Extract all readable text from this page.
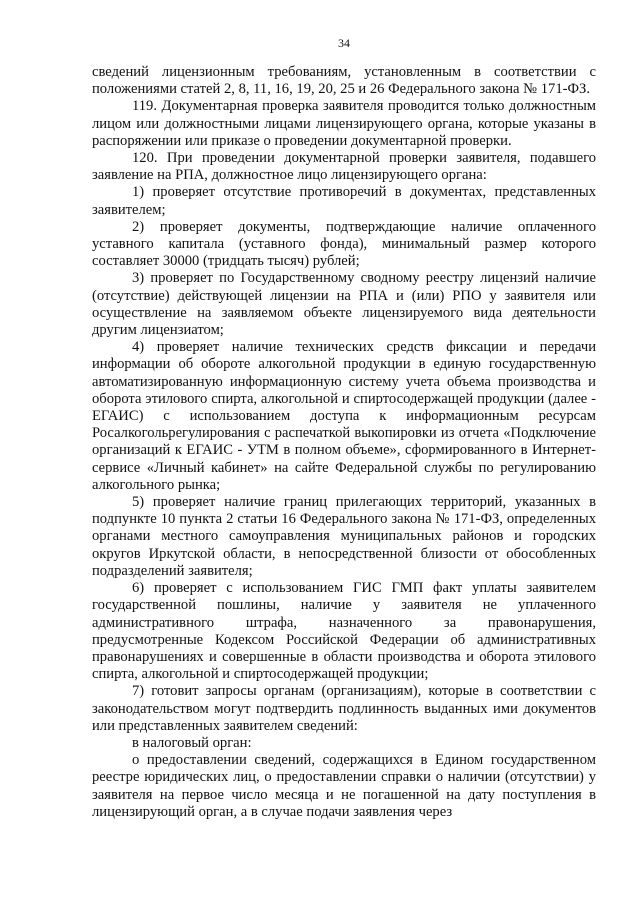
34

сведений лицензионным требованиям, установленным в соответствии с положениями статей 2, 8, 11, 16, 19, 20, 25 и 26 Федерального закона № 171-ФЗ.

119. Документарная проверка заявителя проводится только должностным лицом или должностными лицами лицензирующего органа, которые указаны в распоряжении или приказе о проведении документарной проверки.

120. При проведении документарной проверки заявителя, подавшего заявление на РПА, должностное лицо лицензирующего органа:

1) проверяет отсутствие противоречий в документах, представленных заявителем;

2) проверяет документы, подтверждающие наличие оплаченного уставного капитала (уставного фонда), минимальный размер которого составляет 30000 (тридцать тысяч) рублей;

3) проверяет по Государственному сводному реестру лицензий наличие (отсутствие) действующей лицензии на РПА и (или) РПО у заявителя или осуществление на заявляемом объекте лицензируемого вида деятельности другим лицензиатом;

4) проверяет наличие технических средств фиксации и передачи информации об обороте алкогольной продукции в единую государственную автоматизированную информационную систему учета объема производства и оборота этилового спирта, алкогольной и спиртосодержащей продукции (далее - ЕГАИС) с использованием доступа к информационным ресурсам Росалкогольрегулирования с распечаткой выкопировки из отчета «Подключение организаций к ЕГАИС - УТМ в полном объеме», сформированного в Интернет-сервисе «Личный кабинет» на сайте Федеральной службы по регулированию алкогольного рынка;

5) проверяет наличие границ прилегающих территорий, указанных в подпункте 10 пункта 2 статьи 16 Федерального закона № 171-ФЗ, определенных органами местного самоуправления муниципальных районов и городских округов Иркутской области, в непосредственной близости от обособленных подразделений заявителя;

6) проверяет с использованием ГИС ГМП факт уплаты заявителем государственной пошлины, наличие у заявителя не уплаченного административного штрафа, назначенного за правонарушения, предусмотренные Кодексом Российской Федерации об административных правонарушениях и совершенные в области производства и оборота этилового спирта, алкогольной и спиртосодержащей продукции;

7) готовит запросы органам (организациям), которые в соответствии с законодательством могут подтвердить подлинность выданных ими документов или представленных заявителем сведений:

в налоговый орган:

о предоставлении сведений, содержащихся в Едином государственном реестре юридических лиц, о предоставлении справки о наличии (отсутствии) у заявителя на первое число месяца и не погашенной на дату поступления в лицензирующий орган, а в случае подачи заявления через
